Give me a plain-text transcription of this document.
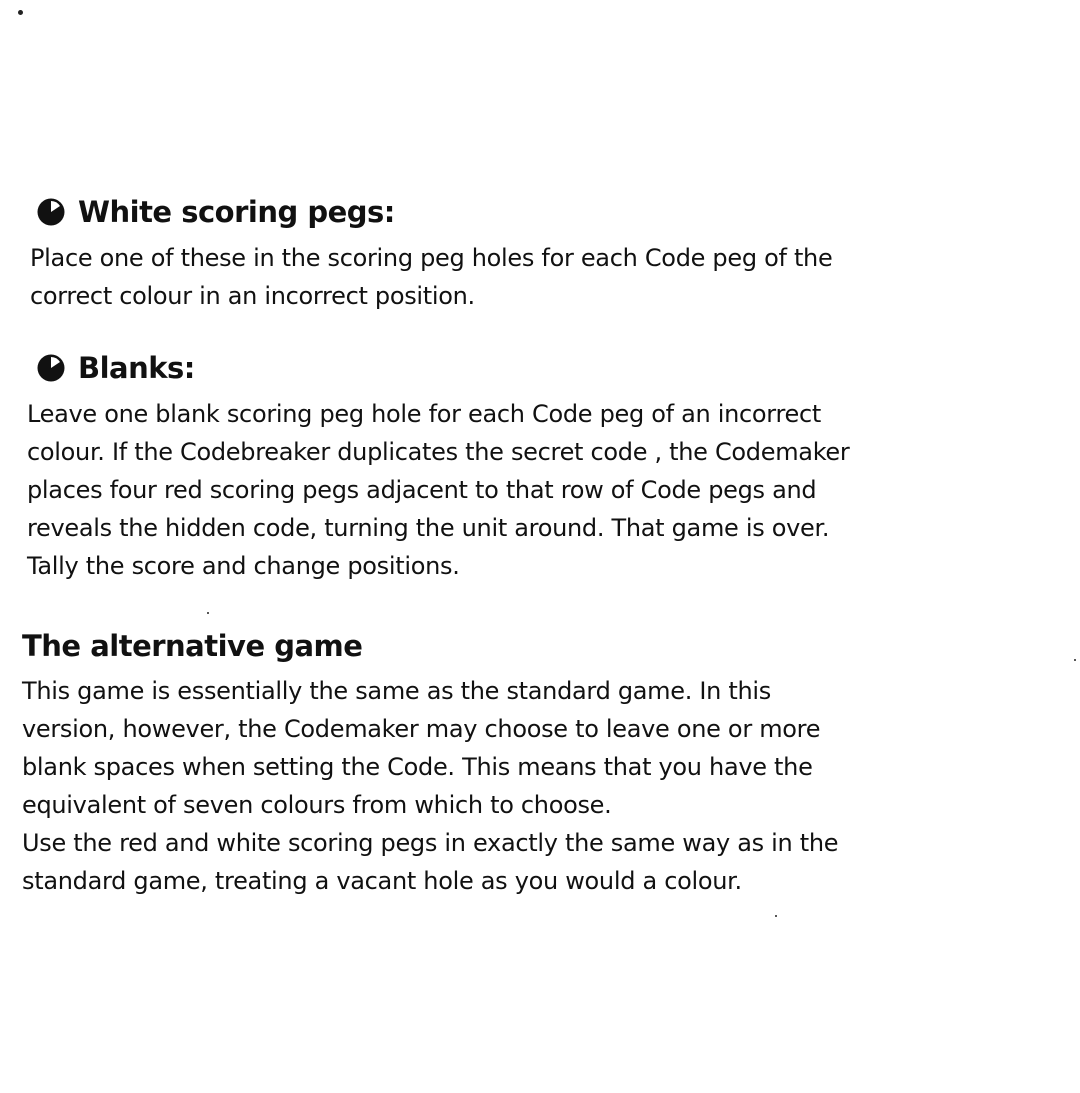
White scoring pegs:
Place one of these in the scoring peg holes for each Code peg of the
correct colour in an incorrect position.
Blanks:
Leave one blank scoring peg hole for each Code peg of an incorrect
colour. If the Codebreaker duplicates the secret code , the Codemaker
places four red scoring pegs adjacent to that row of Code pegs and
reveals the hidden code, turning the unit around. That game is over.
Tally the score and change positions.
The alternative game
This game is essentially the same as the standard game. In this
version, however, the Codemaker may choose to leave one or more
blank spaces when setting the Code. This means that you have the
equivalent of seven colours from which to choose.
Use the red and white scoring pegs in exactly the same way as in the
standard game, treating a vacant hole as you would a colour.
